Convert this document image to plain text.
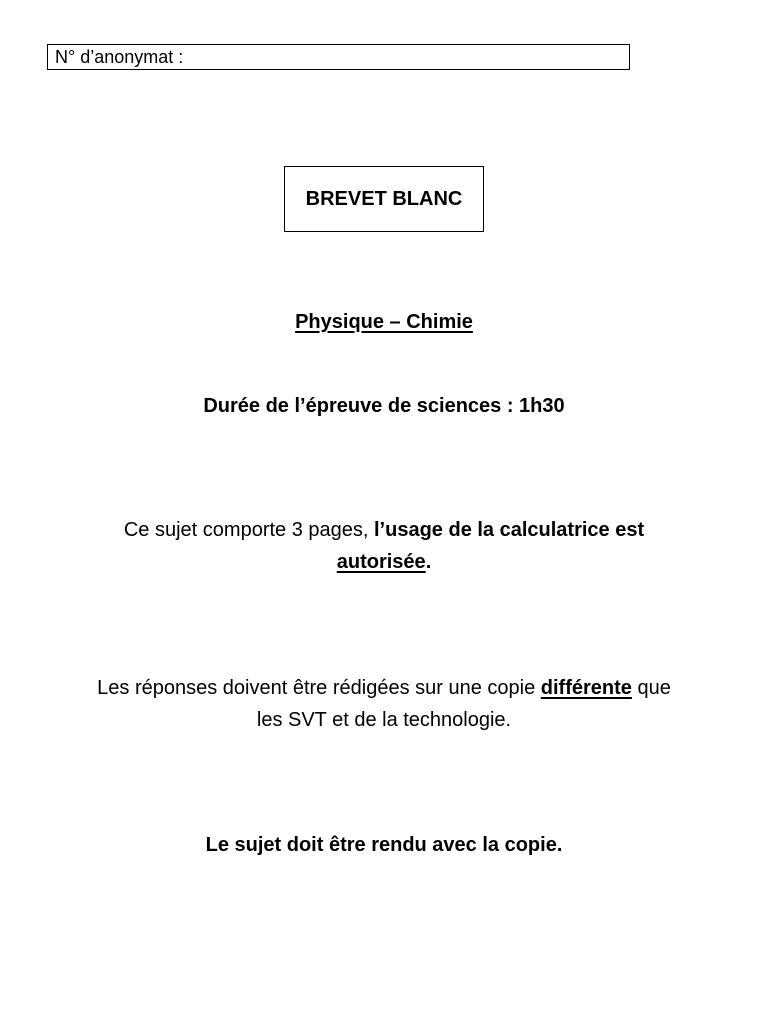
N° d’anonymat :
BREVET BLANC
Physique – Chimie
Durée de l’épreuve de sciences : 1h30
Ce sujet comporte 3 pages, l’usage de la calculatrice est
autorisée.
Les réponses doivent être rédigées sur une copie différente que
les SVT et de la technologie.
Le sujet doit être rendu avec la copie.
